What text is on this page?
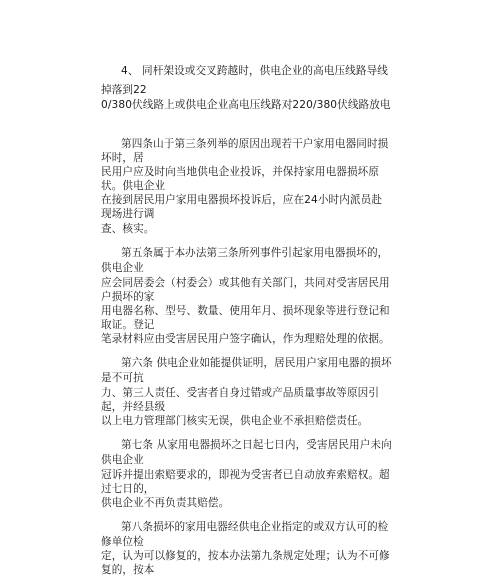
4、 同杆架设或交叉跨越时，供电企业的高电压线路导线

掉落到22

0/380伏线路上或供电企业高电压线路对220/380伏线路放电

第四条山于第三条列举的原因出现若干户家用电器同时损

坏时，居

民用户应及时向当地供电企业投诉，并保持家用电器损坏原

状。供电企业

在接到居民用户家用电器损坏投诉后，应在24小时内派员赴

现场进行调

查、核实。

第五条属于本办法第三条所列事件引起家用电器损坏的，

供电企业

应会同居委会（村委会）或其他有关部门，共同对受害居民用

户损坏的家

用电器名称、型号、数量、使用年月、损坏现象等进行登记和

取证。登记

笔录材料应由受害居民用户签字确认，作为理赔处理的依据。

第六条 供电企业如能提供证明，居民用户家用电器的损坏

是不可抗

力、第三人责任、受害者自身过错或产品质量事故等原因引

起，并经县级

以上电力管理部门核实无误，供电企业不承担赔偿责任。

第七条 从家用电器损坏之日起七日内，受害居民用户未向

供电企业

冠诉并提出索赔要求的，即视为受害者已自动放弃索赔权。超

过七日的，

供电企业不再负责其赔偿。

第八条损坏的家用电器经供电企业指定的或双方认可的检

修单位检

定，认为可以修复的，按本办法第九条规定处理；认为不可修

复的，按本
